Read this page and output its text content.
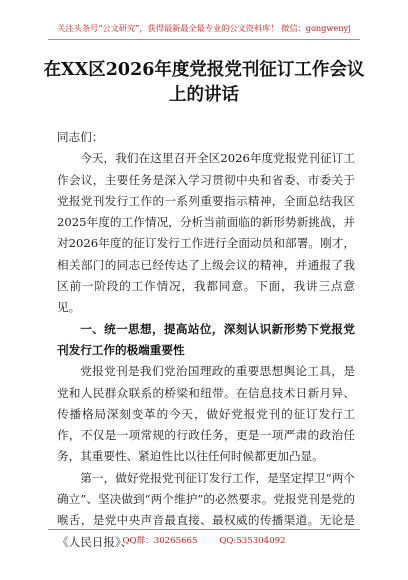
关注头条号“公文研究”，获得最新最全最专业的公文资料库！ 微信：gongwenyj
在XX区2026年度党报党刊征订工作会议上的讲话

同志们：

今天，我们在这里召开全区2026年度党报党刊征订工作会议，主要任务是深入学习贯彻中央和省委、市委关于党报党刊发行工作的一系列重要指示精神，全面总结我区2025年度的工作情况，分析当前面临的新形势新挑战，并对2026年度的征订发行工作进行全面动员和部署。刚才，相关部门的同志已经传达了上级会议的精神，并通报了我区前一阶段的工作情况，我都同意。下面，我讲三点意见。

一、统一思想，提高站位，深刻认识新形势下党报党刊发行工作的极端重要性

党报党刊是我们党治国理政的重要思想舆论工具，是党和人民群众联系的桥梁和纽带。在信息技术日新月异、传播格局深刻变革的今天，做好党报党刊的征订发行工作，不仅是一项常规的行政任务，更是一项严肃的政治任务，其重要性、紧迫性比以往任何时候都更加凸显。

第一，做好党报党刊征订发行工作，是坚定捍卫“两个确立”、坚决做到“两个维护”的必然要求。党报党刊是党的喉舌，是党中央声音最直接、最权威的传播渠道。无论是《人民日报》、

QQ群：30265665        QQ:535304092
